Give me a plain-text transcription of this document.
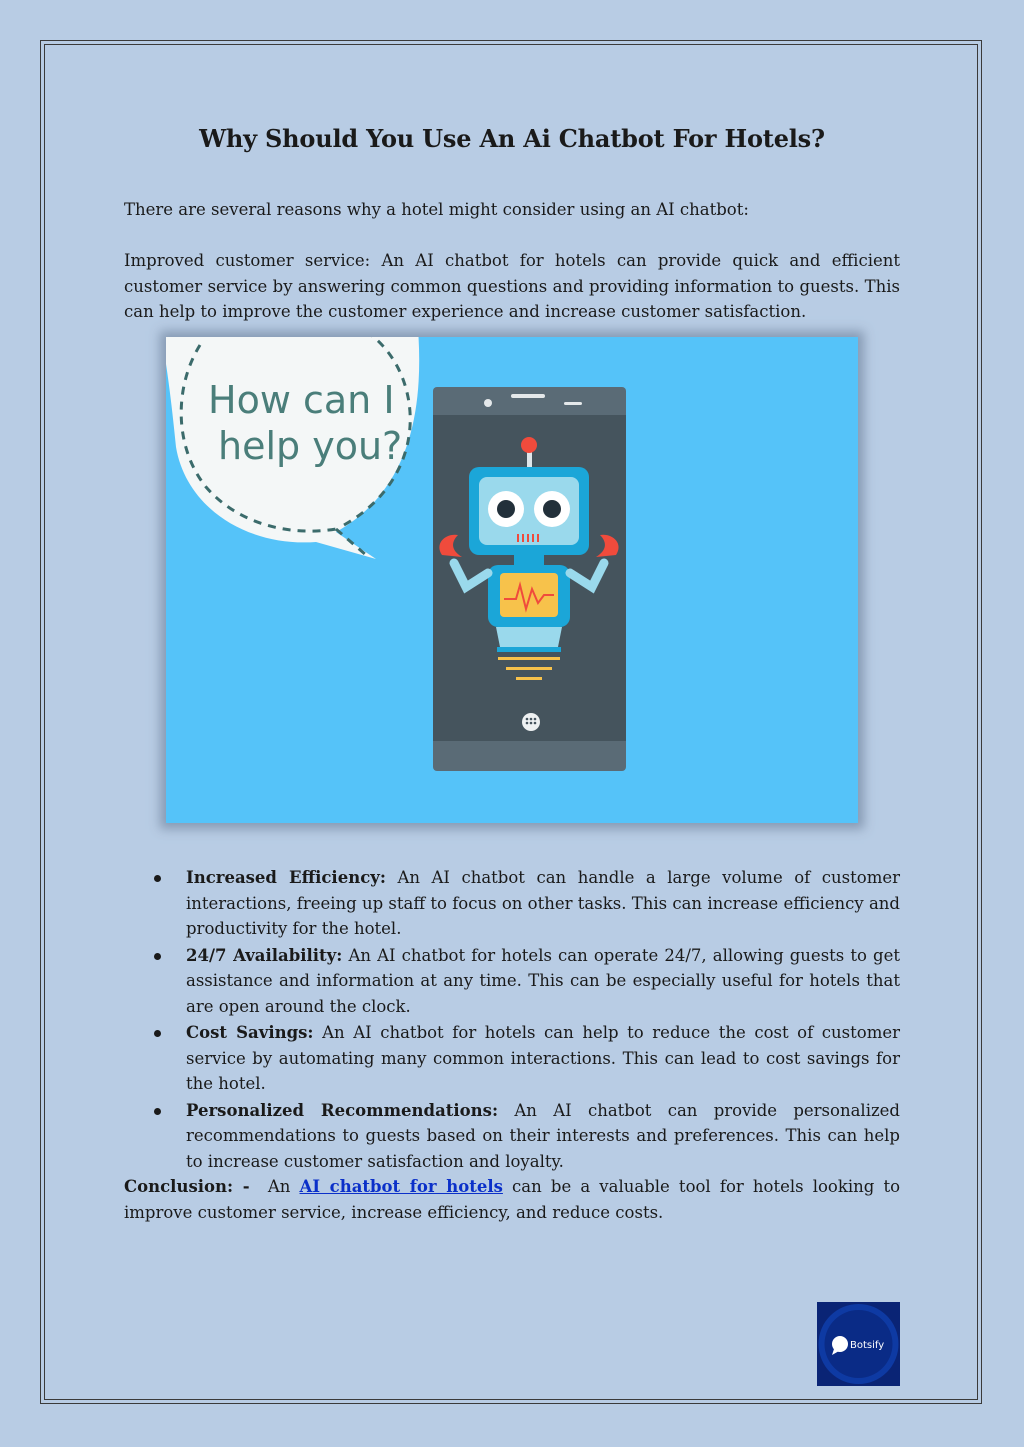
Why Should You Use An Ai Chatbot For Hotels?

There are several reasons why a hotel might consider using an AI chatbot:

Improved customer service: An AI chatbot for hotels can provide quick and efficient customer service by answering common questions and providing information to guests. This can help to improve the customer experience and increase customer satisfaction.

How can I
help you?
Increased Efficiency: An AI chatbot can handle a large volume of customer interactions, freeing up staff to focus on other tasks. This can increase efficiency and productivity for the hotel.
24/7 Availability: An AI chatbot for hotels can operate 24/7, allowing guests to get assistance and information at any time. This can be especially useful for hotels that are open around the clock.
Cost Savings: An AI chatbot for hotels can help to reduce the cost of customer service by automating many common interactions. This can lead to cost savings for the hotel.
Personalized Recommendations: An AI chatbot can provide personalized recommendations to guests based on their interests and preferences. This can help to increase customer satisfaction and loyalty.

Conclusion: -  An AI chatbot for hotels can be a valuable tool for hotels looking to improve customer service, increase efficiency, and reduce costs.

Botsify
